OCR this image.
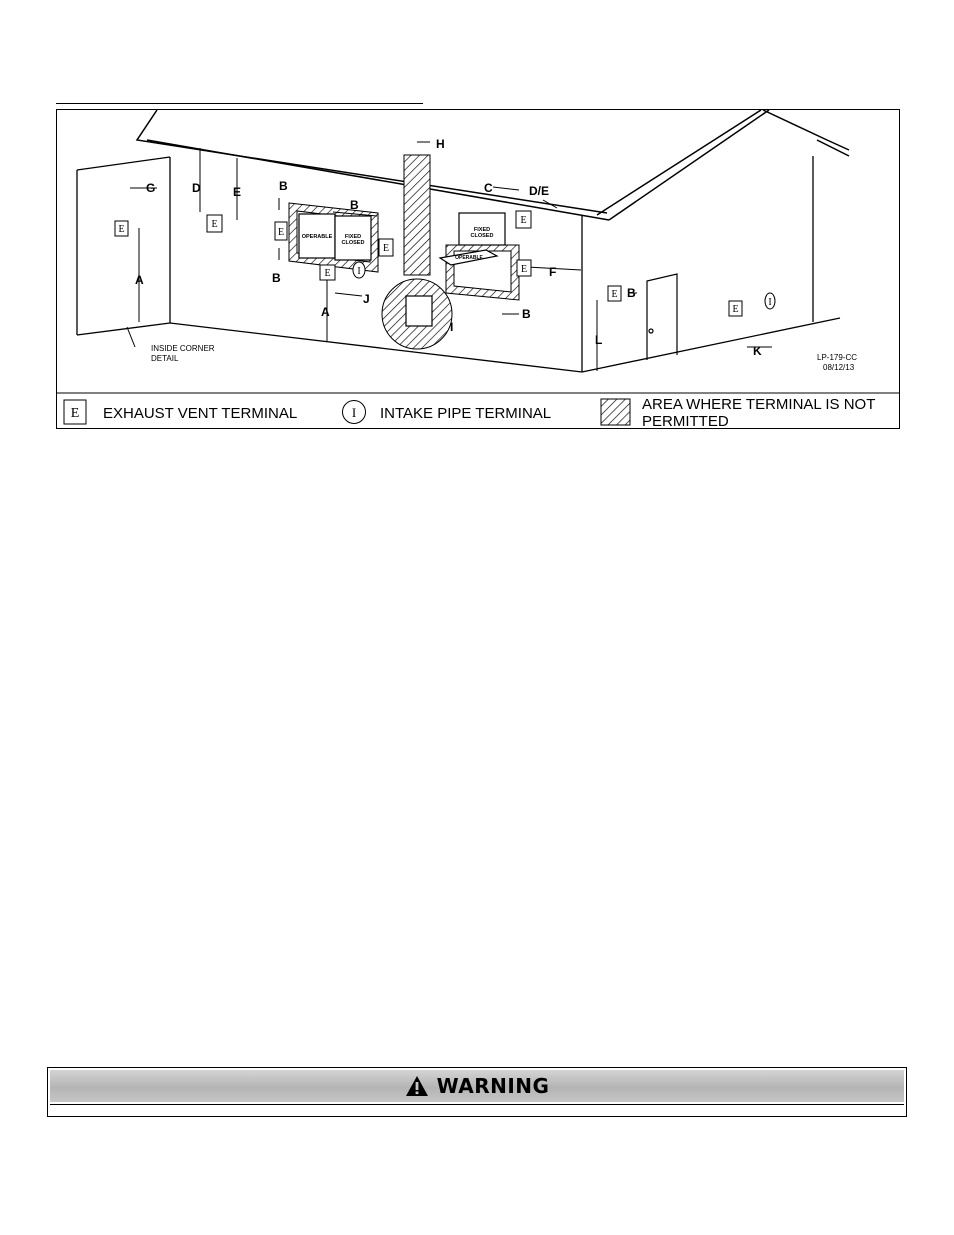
E	E
E
E
E
E
E
E
E
I
I
OPERABLE FIXED
CLOSED
FIXED
CLOSED
OPERABLE
A
G	D	E	B
B
B
A
J
H
C	D/E
F
B
I
B
L
K
INSIDE CORNER
DETAIL	LP-179-CC
08/12/13
E EXHAUST VENT TERMINAL	I INTAKE PIPE TERMINAL
AREA WHERE TERMINAL IS NOT
PERMITTED
WARNING
